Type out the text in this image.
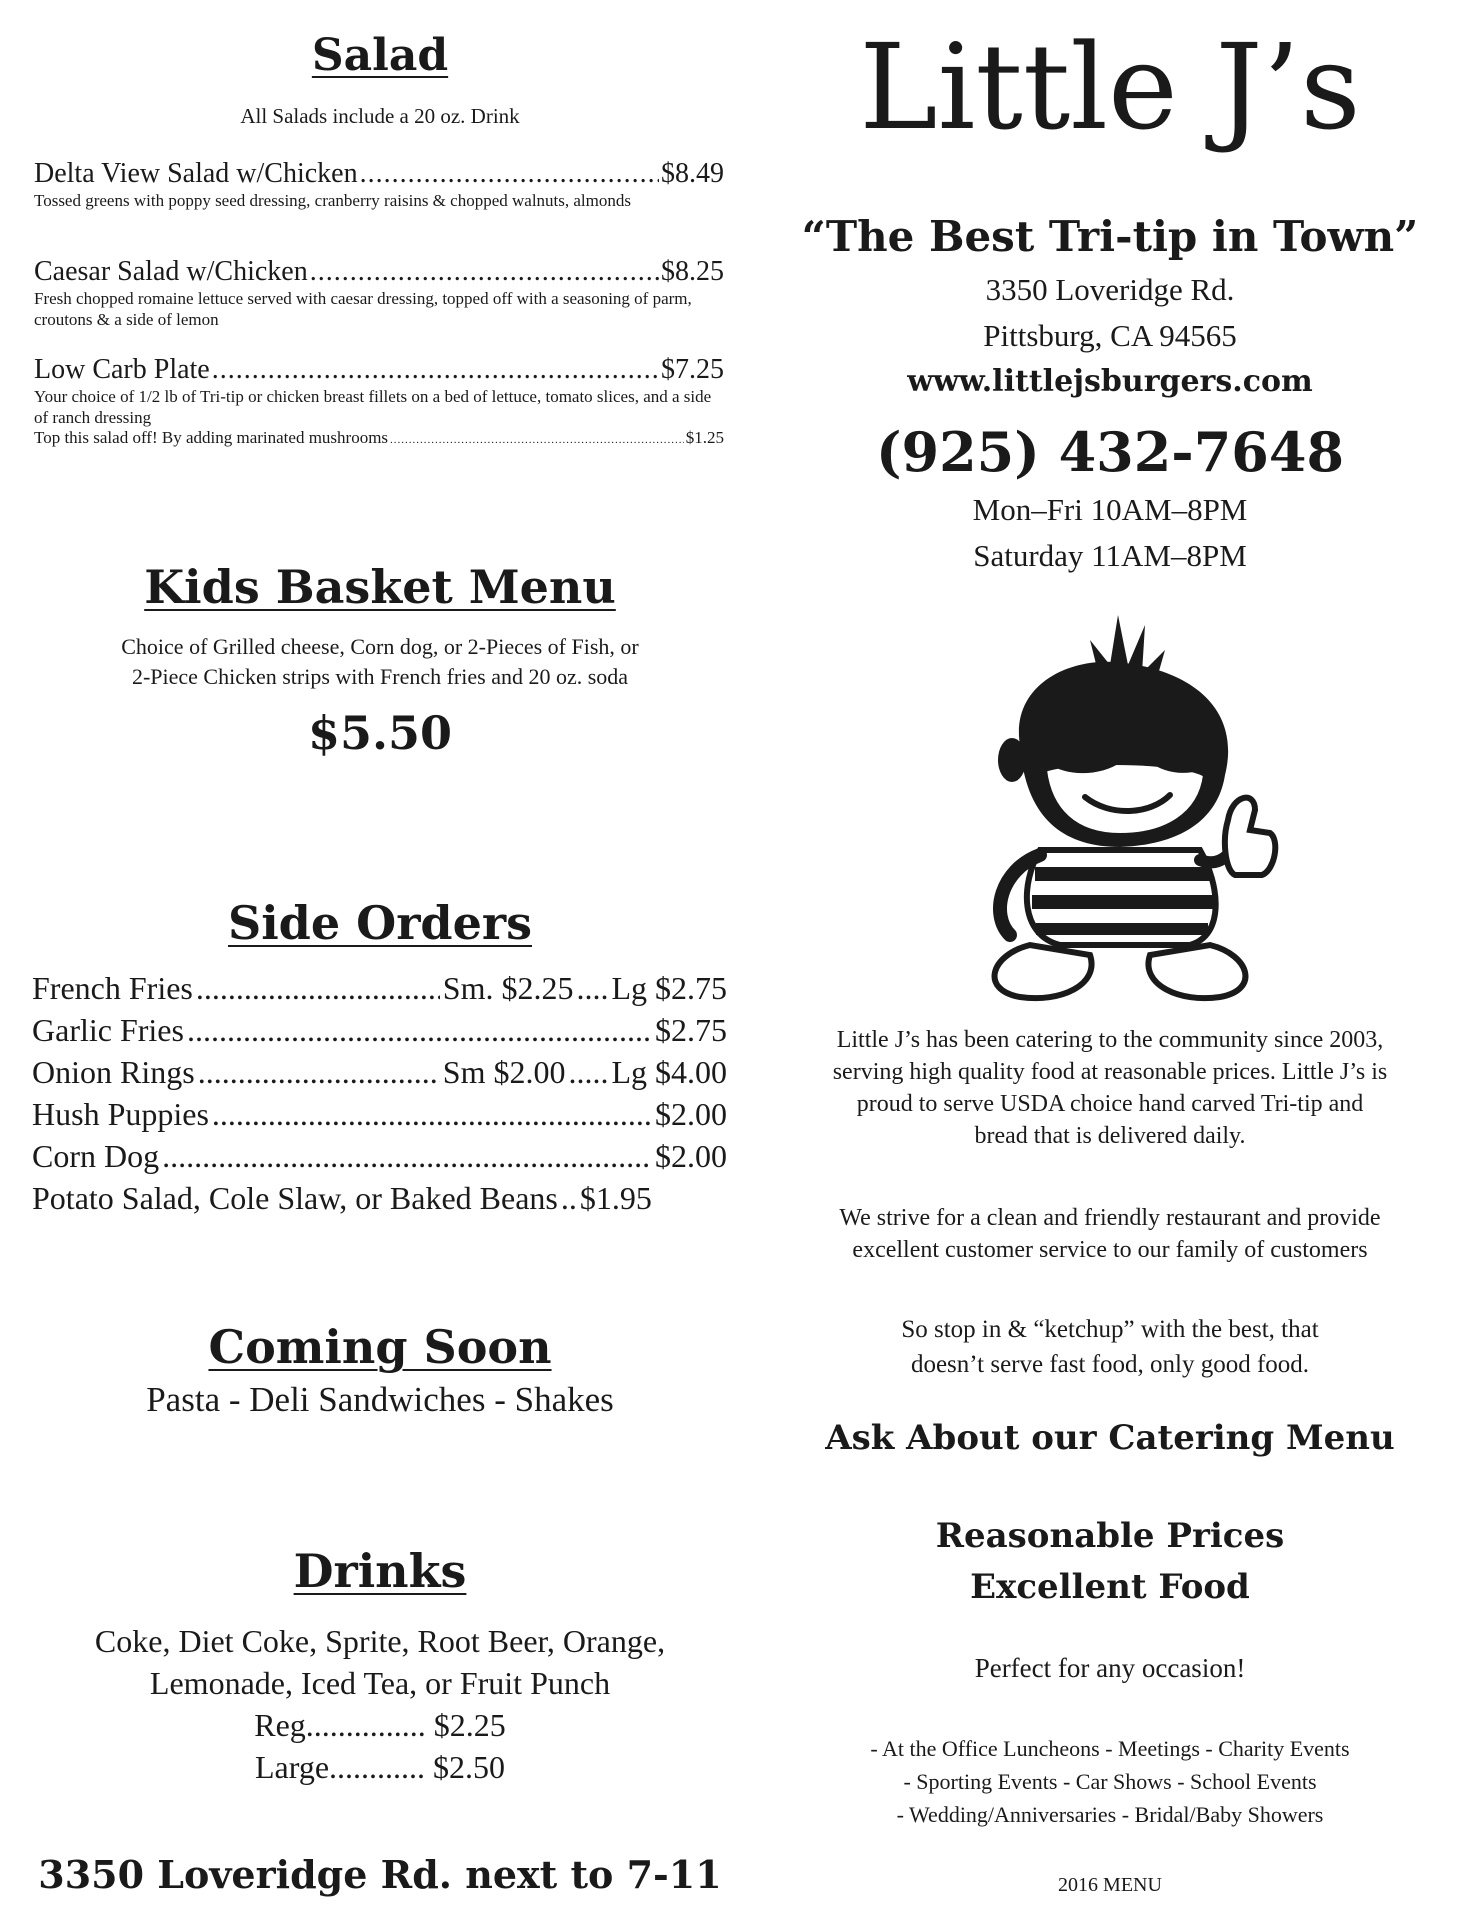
Salad
All Salads include a 20 oz. Drink
Delta View Salad w/Chicken .....	$8.49
Tossed greens with poppy seed dressing, cranberry raisins & chopped walnuts, almonds
Caesar Salad w/Chicken .....	$8.25
Fresh chopped romaine lettuce served with caesar dressing, topped off with a seasoning of parm, croutons & a side of lemon
Low Carb Plate .....	$7.25
Your choice of 1/2 lb of Tri-tip or chicken breast fillets on a bed of lettuce, tomato slices, and a side of ranch dressing
Top this salad off! By adding marinated mushrooms .....	$1.25
Kids Basket Menu
Choice of Grilled cheese, Corn dog, or 2-Pieces of Fish, or
2-Piece Chicken strips with French fries and 20 oz. soda
$5.50
Side Orders
French Fries .....	Sm. $2.25 .... Lg $2.75
Garlic Fries .....	$2.75
Onion Rings .....	Sm $2.00 ..... Lg $4.00
Hush Puppies .....	$2.00
Corn Dog .....	$2.00
Potato Salad, Cole Slaw, or Baked Beans .. $1.95
Coming Soon
Pasta - Deli Sandwiches - Shakes
Drinks
Coke, Diet Coke, Sprite, Root Beer, Orange,
Lemonade, Iced Tea, or Fruit Punch
Reg............... $2.25
Large............ $2.50
3350 Loveridge Rd. next to 7-11
Little J’s
“The Best Tri-tip in Town”
3350 Loveridge Rd.
Pittsburg, CA 94565
www.littlejsburgers.com
(925) 432-7648
Mon–Fri 10AM–8PM
Saturday 11AM–8PM
Little J’s has been catering to the community since 2003,
serving high quality food at reasonable prices. Little J’s is
proud to serve USDA choice hand carved Tri-tip and
bread that is delivered daily.
We strive for a clean and friendly restaurant and provide
excellent customer service to our family of customers
So stop in & “ketchup” with the best, that
doesn’t serve fast food, only good food.
Ask About our Catering Menu
Reasonable Prices
Excellent Food
Perfect for any occasion!
- At the Office Luncheons - Meetings - Charity Events
- Sporting Events - Car Shows - School Events
- Wedding/Anniversaries - Bridal/Baby Showers
2016 MENU
